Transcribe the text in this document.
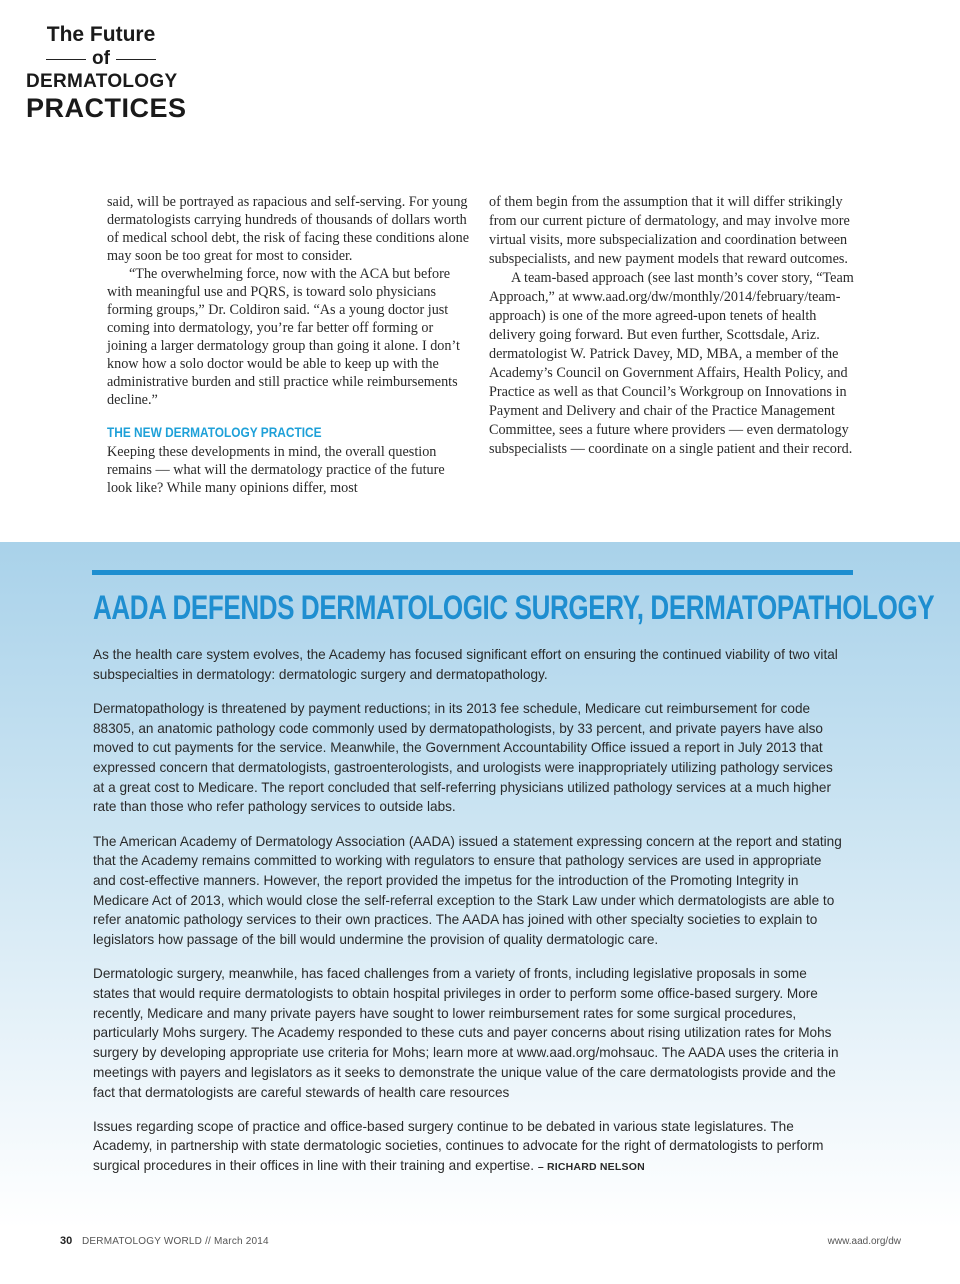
The Future
of
DERMATOLOGY
PRACTICES

said, will be portrayed as rapacious and self-serving. For young dermatologists carrying hundreds of thousands of dollars worth of medical school debt, the risk of facing these conditions alone may soon be too great for most to consider.

“The overwhelming force, now with the ACA but before with meaningful use and PQRS, is toward solo physicians forming groups,” Dr. Coldiron said. “As a young doctor just coming into dermatology, you’re far better off forming or joining a larger dermatology group than going it alone. I don’t know how a solo doctor would be able to keep up with the administrative burden and still practice while reimbursements decline.”

THE NEW DERMATOLOGY PRACTICE

Keeping these developments in mind, the overall question remains — what will the dermatology practice of the future look like? While many opinions differ, most

of them begin from the assumption that it will differ strikingly from our current picture of dermatology, and may involve more virtual visits, more subspecialization and coordination between subspecialists, and new payment models that reward outcomes.

A team-based approach (see last month’s cover story, “Team Approach,” at www.aad.org/dw/monthly/2014/february/team-approach) is one of the more agreed-upon tenets of health delivery going forward. But even further, Scottsdale, Ariz. dermatologist W. Patrick Davey, MD, MBA, a member of the Academy’s Council on Government Affairs, Health Policy, and Practice as well as that Council’s Workgroup on Innovations in Payment and Delivery and chair of the Practice Management Committee, sees a future where providers — even dermatology subspecialists — coordinate on a single patient and their record.

AADA DEFENDS DERMATOLOGIC SURGERY, DERMATOPATHOLOGY

As the health care system evolves, the Academy has focused significant effort on ensuring the continued viability of two vital subspecialties in dermatology: dermatologic surgery and dermatopathology.

Dermatopathology is threatened by payment reductions; in its 2013 fee schedule, Medicare cut reimbursement for code 88305, an anatomic pathology code commonly used by dermatopathologists, by 33 percent, and private payers have also moved to cut payments for the service. Meanwhile, the Government Accountability Office issued a report in July 2013 that expressed concern that dermatologists, gastroenterologists, and urologists were inappropriately utilizing pathology services at a great cost to Medicare. The report concluded that self-referring physicians utilized pathology services at a much higher rate than those who refer pathology services to outside labs.

The American Academy of Dermatology Association (AADA) issued a statement expressing concern at the report and stating that the Academy remains committed to working with regulators to ensure that pathology services are used in appropriate and cost-effective manners. However, the report provided the impetus for the introduction of the Promoting Integrity in Medicare Act of 2013, which would close the self-referral exception to the Stark Law under which dermatologists are able to refer anatomic pathology services to their own practices. The AADA has joined with other specialty societies to explain to legislators how passage of the bill would undermine the provision of quality dermatologic care.

Dermatologic surgery, meanwhile, has faced challenges from a variety of fronts, including legislative proposals in some states that would require dermatologists to obtain hospital privileges in order to perform some office-based surgery. More recently, Medicare and many private payers have sought to lower reimbursement rates for some surgical procedures, particularly Mohs surgery. The Academy responded to these cuts and payer concerns about rising utilization rates for Mohs surgery by developing appropriate use criteria for Mohs; learn more at www.aad.org/mohsauc. The AADA uses the criteria in meetings with payers and legislators as it seeks to demonstrate the unique value of the care dermatologists provide and the fact that dermatologists are careful stewards of health care resources

Issues regarding scope of practice and office-based surgery continue to be debated in various state legislatures. The Academy, in partnership with state dermatologic societies, continues to advocate for the right of dermatologists to perform surgical procedures in their offices in line with their training and expertise. – RICHARD NELSON

30 DERMATOLOGY WORLD // March 2014	www.aad.org/dw
